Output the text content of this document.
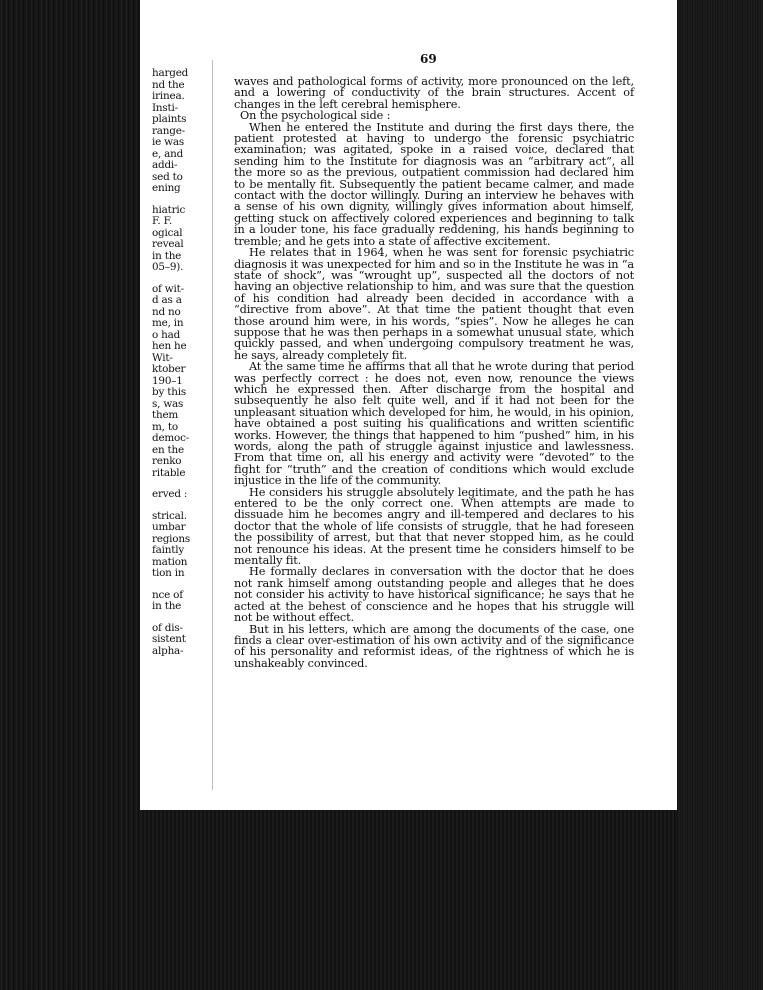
harged
nd the
irinea.
Insti-
plaints
range-
ie was
e, and
addi-
sed to
ening
hiatric
F. F.
ogical
reveal
in the
05–9).
of wit-
d as a
nd no
me, in
o had
hen he
Wit-
ktober
190–1
by this
s, was
them
m, to
democ-
en the
renko
ritable
erved :
strical.
umbar
regions
faintly
mation
tion in
nce of
in the
of dis-
sistent
alpha-
69

waves and pathological forms of activity, more pronounced on the left, and a lowering of conductivity of the brain structures. Accent of changes in the left cerebral hemisphere.

On the psychological side :

When he entered the Institute and during the first days there, the patient protested at having to undergo the forensic psychiatric examination; was agitated, spoke in a raised voice, declared that sending him to the Institute for diagnosis was an “arbitrary act”, all the more so as the previous, outpatient commission had declared him to be mentally fit. Subsequently the patient became calmer, and made contact with the doctor willingly. During an interview he behaves with a sense of his own dignity, willingly gives information about himself, getting stuck on affectively colored experiences and beginning to talk in a louder tone, his face gradually reddening, his hands beginning to tremble; and he gets into a state of affective excitement.

He relates that in 1964, when he was sent for forensic psychiatric diagnosis it was unexpected for him and so in the Institute he was in “a state of shock”, was “wrought up”, suspected all the doctors of not having an objective relationship to him, and was sure that the question of his condition had already been decided in accordance with a “directive from above”. At that time the patient thought that even those around him were, in his words, “spies”. Now he alleges he can suppose that he was then perhaps in a somewhat unusual state, which quickly passed, and when undergoing compulsory treatment he was, he says, already completely fit.

At the same time he affirms that all that he wrote during that period was perfectly correct : he does not, even now, renounce the views which he expressed then. After discharge from the hospital and subsequently he also felt quite well, and if it had not been for the unpleasant situation which developed for him, he would, in his opinion, have obtained a post suiting his qualifications and written scientific works. However, the things that happened to him “pushed” him, in his words, along the path of struggle against injustice and lawlessness. From that time on, all his energy and activity were “devoted” to the fight for “truth” and the creation of conditions which would exclude injustice in the life of the community.

He considers his struggle absolutely legitimate, and the path he has entered to be the only correct one. When attempts are made to dissuade him he becomes angry and ill-tempered and declares to his doctor that the whole of life consists of struggle, that he had foreseen the possibility of arrest, but that that never stopped him, as he could not renounce his ideas. At the present time he considers himself to be mentally fit.

He formally declares in conversation with the doctor that he does not rank himself among outstanding people and alleges that he does not consider his activity to have historical significance; he says that he acted at the behest of conscience and he hopes that his struggle will not be without effect.

But in his letters, which are among the documents of the case, one finds a clear over-estimation of his own activity and of the significance of his personality and reformist ideas, of the rightness of which he is unshakeably convinced.
